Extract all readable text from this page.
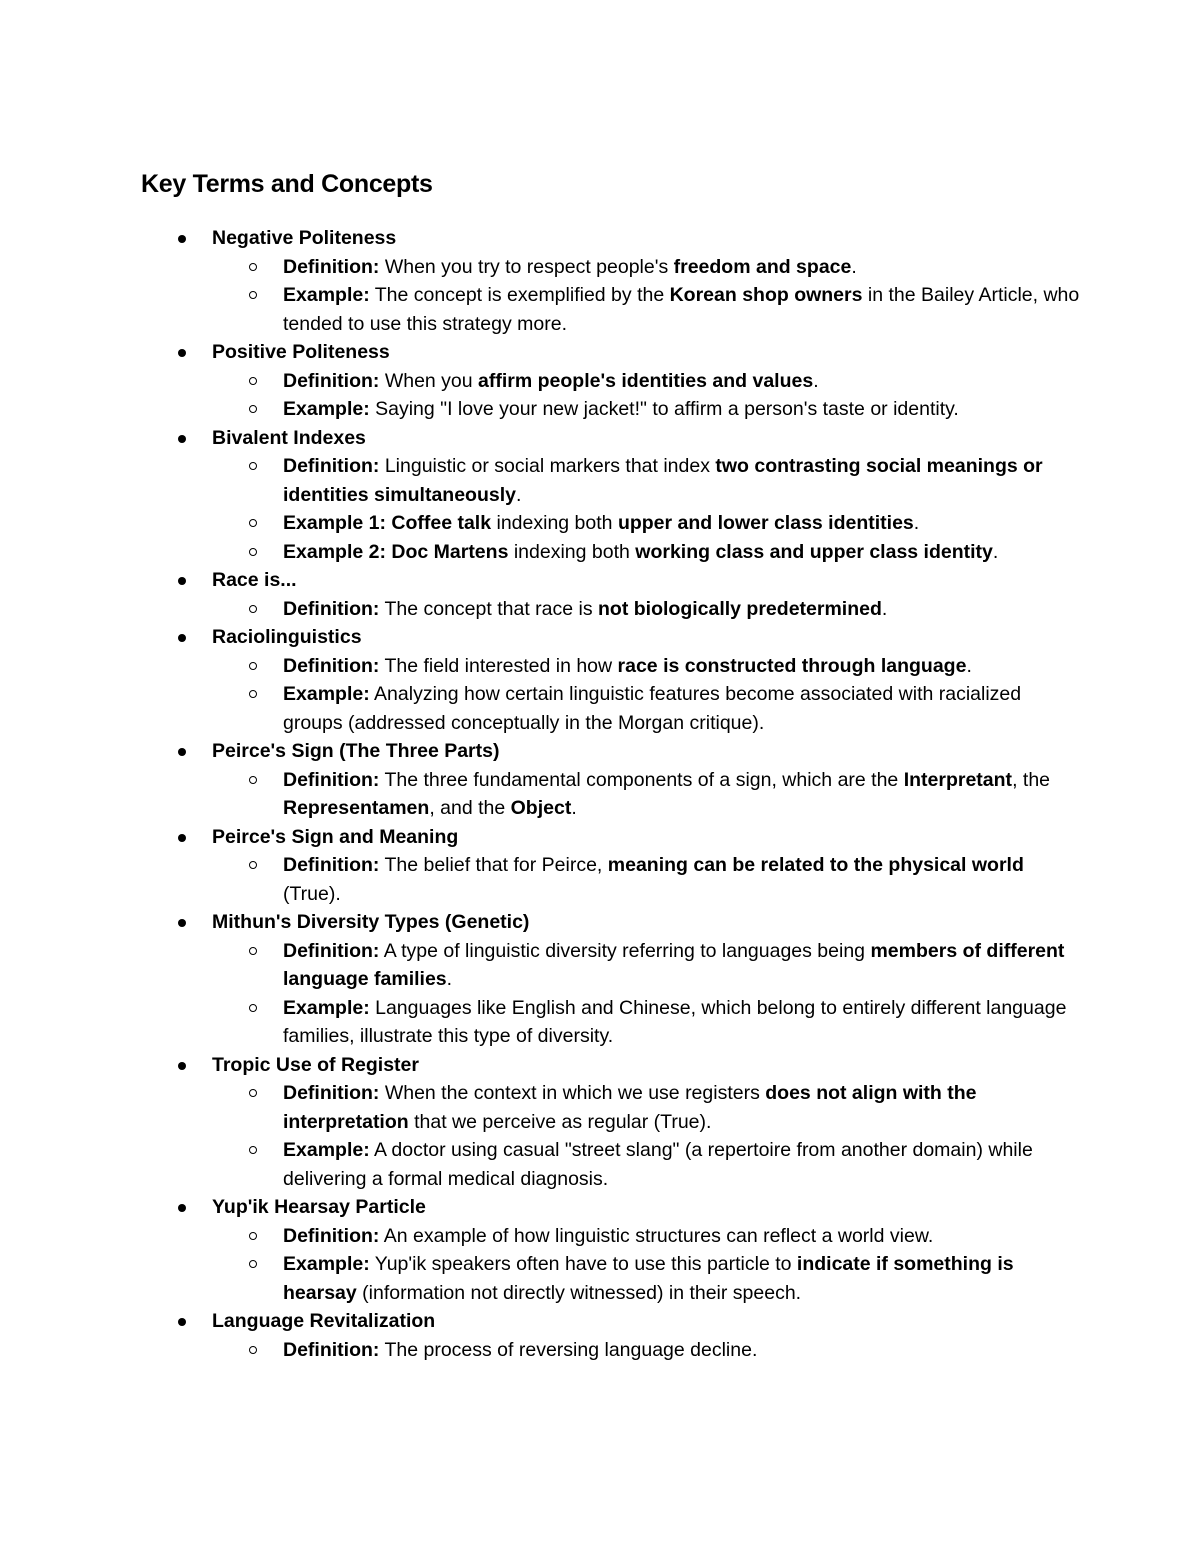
Key Terms and Concepts
Negative Politeness
Definition: When you try to respect people's freedom and space.
Example: The concept is exemplified by the Korean shop owners in the Bailey Article, who tended to use this strategy more.
Positive Politeness
Definition: When you affirm people's identities and values.
Example: Saying "I love your new jacket!" to affirm a person's taste or identity.
Bivalent Indexes
Definition: Linguistic or social markers that index two contrasting social meanings or identities simultaneously.
Example 1: Coffee talk indexing both upper and lower class identities.
Example 2: Doc Martens indexing both working class and upper class identity.
Race is...
Definition: The concept that race is not biologically predetermined.
Raciolinguistics
Definition: The field interested in how race is constructed through language.
Example: Analyzing how certain linguistic features become associated with racialized groups (addressed conceptually in the Morgan critique).
Peirce's Sign (The Three Parts)
Definition: The three fundamental components of a sign, which are the Interpretant, the Representamen, and the Object.
Peirce's Sign and Meaning
Definition: The belief that for Peirce, meaning can be related to the physical world (True).
Mithun's Diversity Types (Genetic)
Definition: A type of linguistic diversity referring to languages being members of different language families.
Example: Languages like English and Chinese, which belong to entirely different language families, illustrate this type of diversity.
Tropic Use of Register
Definition: When the context in which we use registers does not align with the interpretation that we perceive as regular (True).
Example: A doctor using casual "street slang" (a repertoire from another domain) while delivering a formal medical diagnosis.
Yup'ik Hearsay Particle
Definition: An example of how linguistic structures can reflect a world view.
Example: Yup'ik speakers often have to use this particle to indicate if something is hearsay (information not directly witnessed) in their speech.
Language Revitalization
Definition: The process of reversing language decline.
